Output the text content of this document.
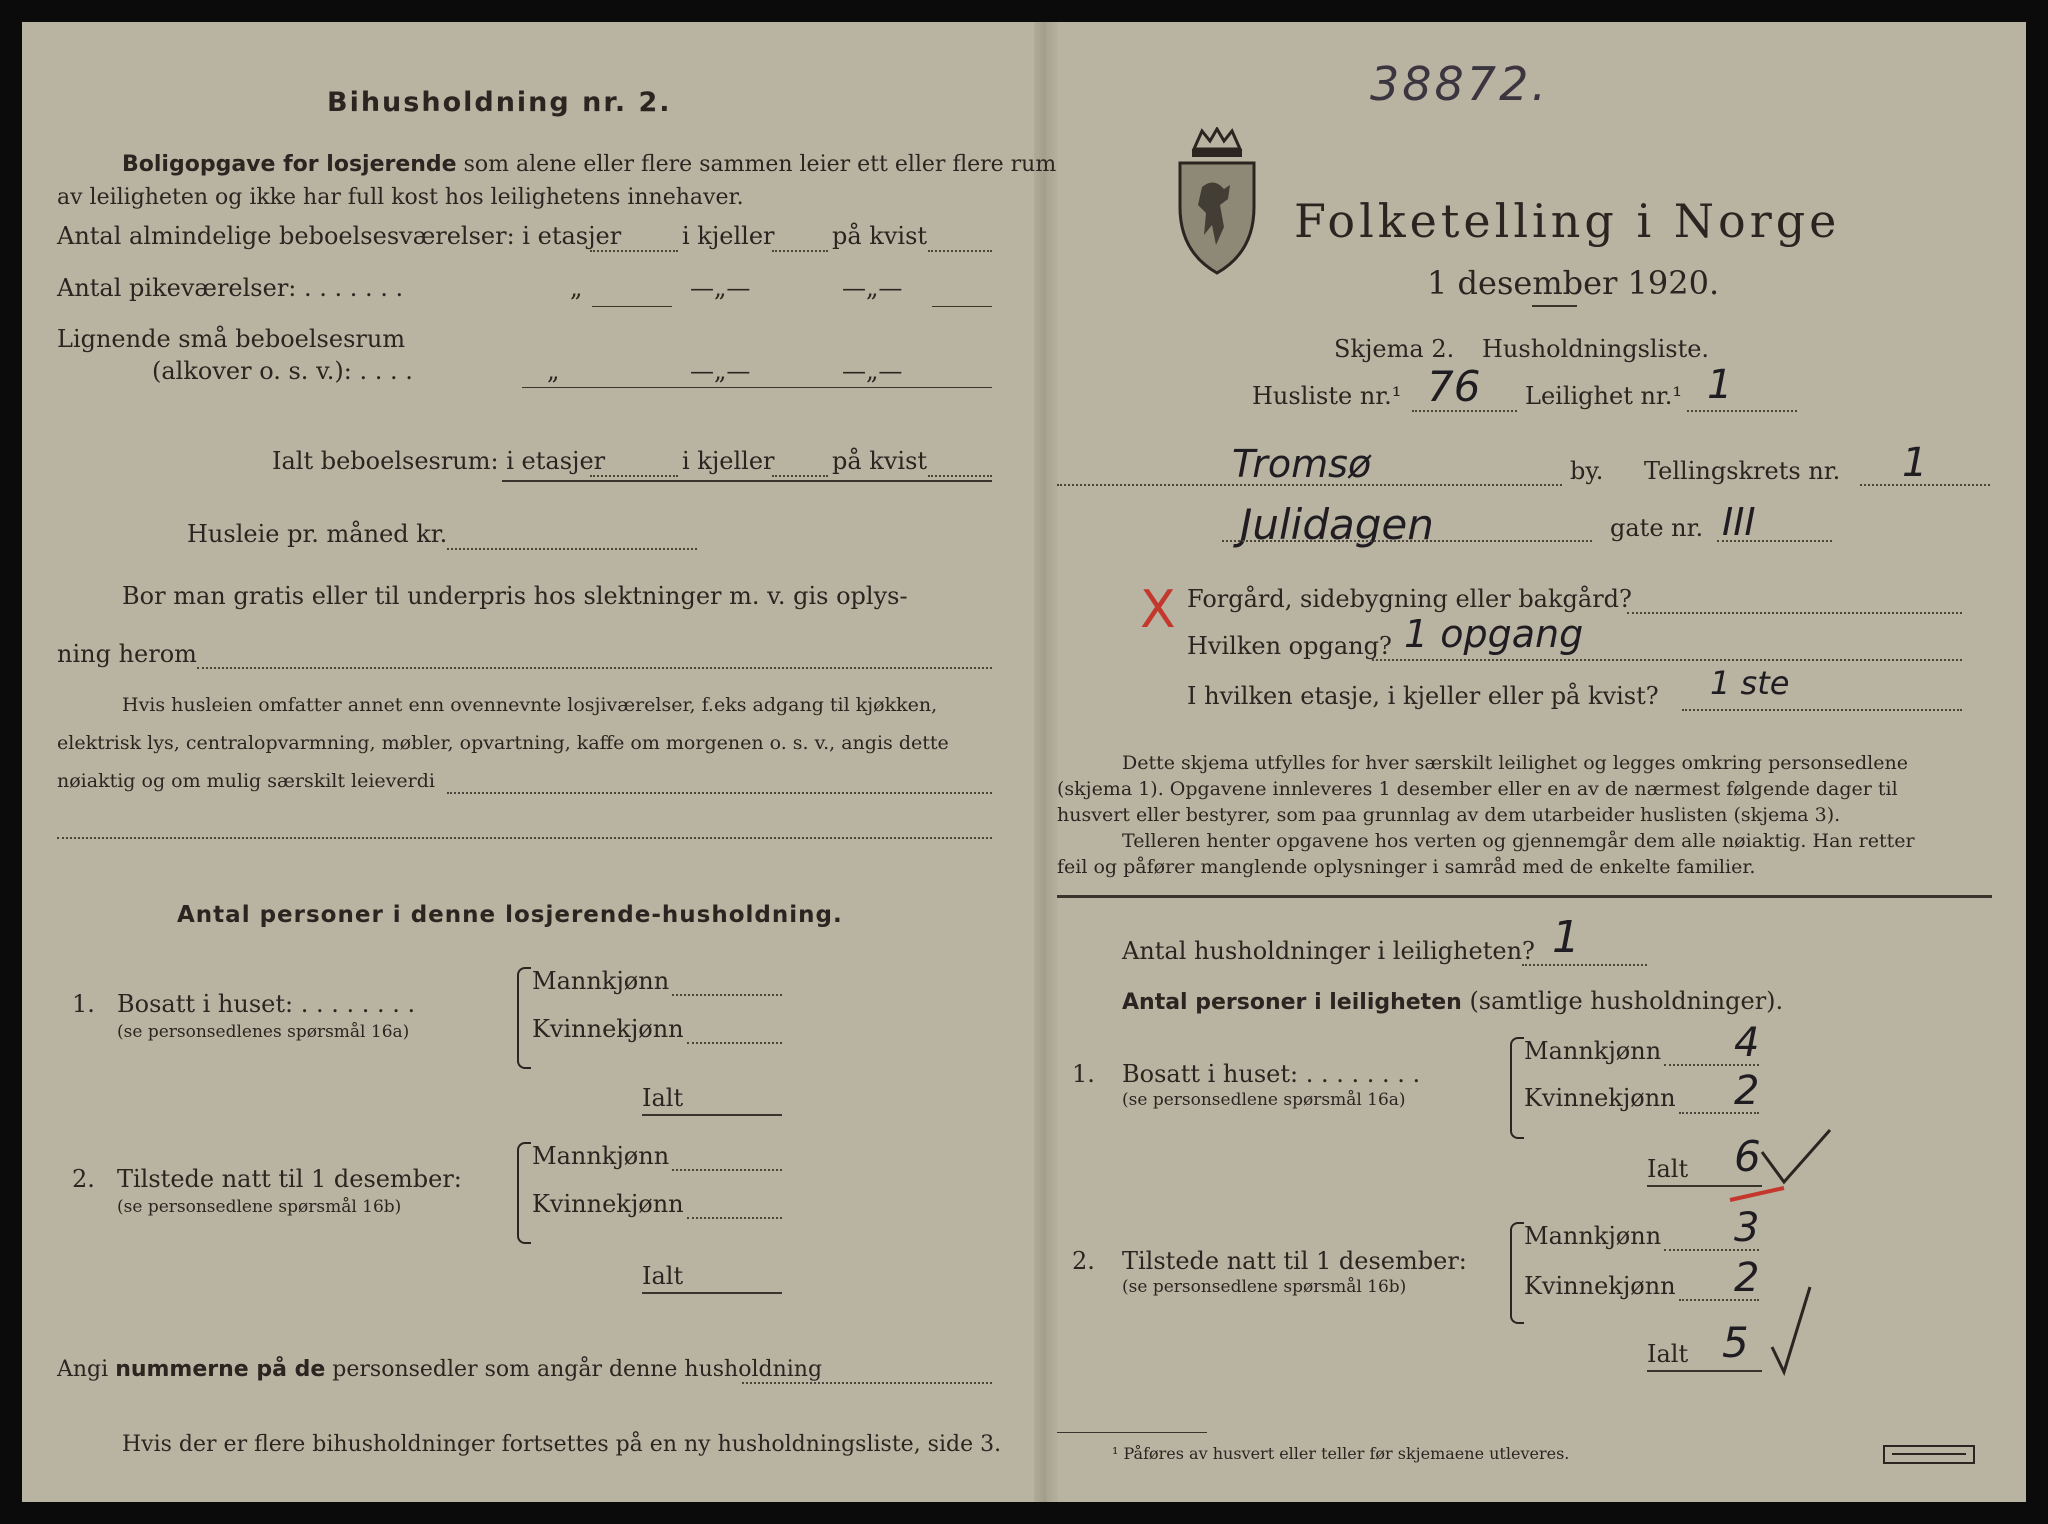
Bihusholdning nr. 2.
Boligopgave for losjerende som alene eller flere sammen leier ett eller flere rum
av leiligheten og ikke har full kost hos leilighetens innehaver.
Antal almindelige beboelsesværelser: i etasjer	i kjeller på kvist
Antal pikeværelser: . . . . . . .	„	—„—	—„—
Lignende små beboelsesrum
(alkover o. s. v.): . . . .	„	—„—	—„—
Ialt beboelsesrum: i etasjer	i kjeller på kvist
Husleie pr. måned kr.
Bor man gratis eller til underpris hos slektninger m. v. gis oplys-
ning herom
Hvis husleien omfatter annet enn ovennevnte losjiværelser, f.eks adgang til kjøkken,
elektrisk lys, centralopvarmning, møbler, opvartning, kaffe om morgenen o. s. v., angis dette
nøiaktig og om mulig særskilt leieverdi
Antal personer i denne losjerende-husholdning.
1. Bosatt i huset: . . . . . . . .
(se personsedlenes spørsmål 16a)
Mannkjønn
Kvinnekjønn
Ialt
2. Tilstede natt til 1 desember:
(se personsedlene spørsmål 16b)
Mannkjønn
Kvinnekjønn
Ialt
Angi nummerne på de personsedler som angår denne husholdning
Hvis der er flere bihusholdninger fortsettes på en ny husholdningsliste, side 3.
38872.
Folketelling i Norge
1 desember 1920.
Skjema 2. Husholdningsliste.
Husliste nr.¹ 76 Leilighet nr.¹ 1
Tromsø	by. Tellingskrets nr. 1
Julidagen	gate nr. III
X Forgård, sidebygning eller bakgård?
Hvilken opgang? 1 opgang
I hvilken etasje, i kjeller eller på kvist? 1 ste
Dette skjema utfylles for hver særskilt leilighet og legges omkring personsedlene
(skjema 1). Opgavene innleveres 1 desember eller en av de nærmest følgende dager til
husvert eller bestyrer, som paa grunnlag av dem utarbeider huslisten (skjema 3).
Telleren henter opgavene hos verten og gjennemgår dem alle nøiaktig. Han retter
feil og påfører manglende oplysninger i samråd med de enkelte familier.
Antal husholdninger i leiligheten? 1
Antal personer i leiligheten (samtlige husholdninger).
1. Bosatt i huset: . . . . . . . .
(se personsedlene spørsmål 16a)
Mannkjønn 4
Kvinnekjønn 2
Ialt 6
2. Tilstede natt til 1 desember:
(se personsedlene spørsmål 16b)
Mannkjønn 3
Kvinnekjønn 2
Ialt 5
¹ Påføres av husvert eller teller før skjemaene utleveres.
